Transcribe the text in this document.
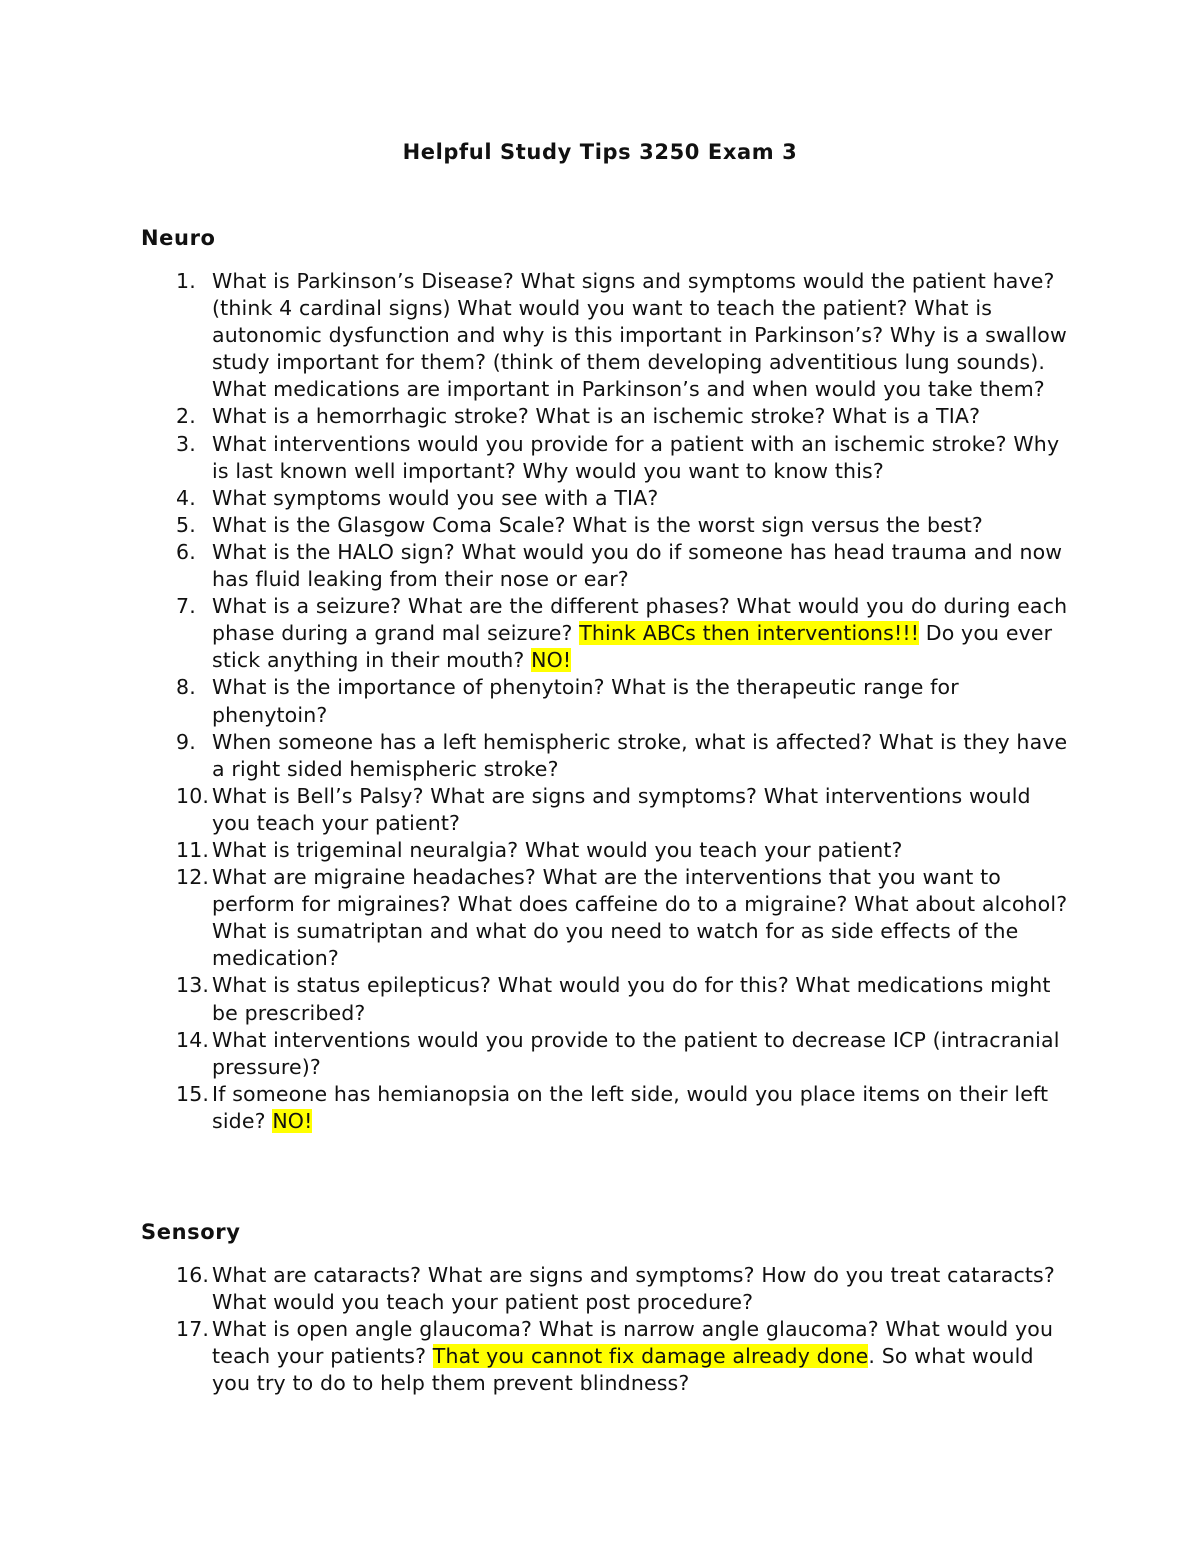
Helpful Study Tips 3250 Exam 3
Neuro
1. What is Parkinson’s Disease? What signs and symptoms would the patient have? (think 4 cardinal signs) What would you want to teach the patient? What is autonomic dysfunction and why is this important in Parkinson’s? Why is a swallow study important for them? (think of them developing adventitious lung sounds). What medications are important in Parkinson’s and when would you take them?
2. What is a hemorrhagic stroke? What is an ischemic stroke? What is a TIA?
3. What interventions would you provide for a patient with an ischemic stroke? Why is last known well important? Why would you want to know this?
4. What symptoms would you see with a TIA?
5. What is the Glasgow Coma Scale? What is the worst sign versus the best?
6. What is the HALO sign? What would you do if someone has head trauma and now has fluid leaking from their nose or ear?
7. What is a seizure? What are the different phases? What would you do during each phase during a grand mal seizure? Think ABCs then interventions!!! Do you ever stick anything in their mouth? NO!
8. What is the importance of phenytoin? What is the therapeutic range for phenytoin?
9. When someone has a left hemispheric stroke, what is affected? What is they have a right sided hemispheric stroke?
10. What is Bell’s Palsy? What are signs and symptoms? What interventions would you teach your patient?
11. What is trigeminal neuralgia? What would you teach your patient?
12. What are migraine headaches? What are the interventions that you want to perform for migraines? What does caffeine do to a migraine? What about alcohol? What is sumatriptan and what do you need to watch for as side effects of the medication?
13. What is status epilepticus? What would you do for this? What medications might be prescribed?
14. What interventions would you provide to the patient to decrease ICP (intracranial pressure)?
15. If someone has hemianopsia on the left side, would you place items on their left side? NO!
Sensory
16. What are cataracts? What are signs and symptoms? How do you treat cataracts? What would you teach your patient post procedure?
17. What is open angle glaucoma? What is narrow angle glaucoma? What would you teach your patients? That you cannot fix damage already done. So what would you try to do to help them prevent blindness?
